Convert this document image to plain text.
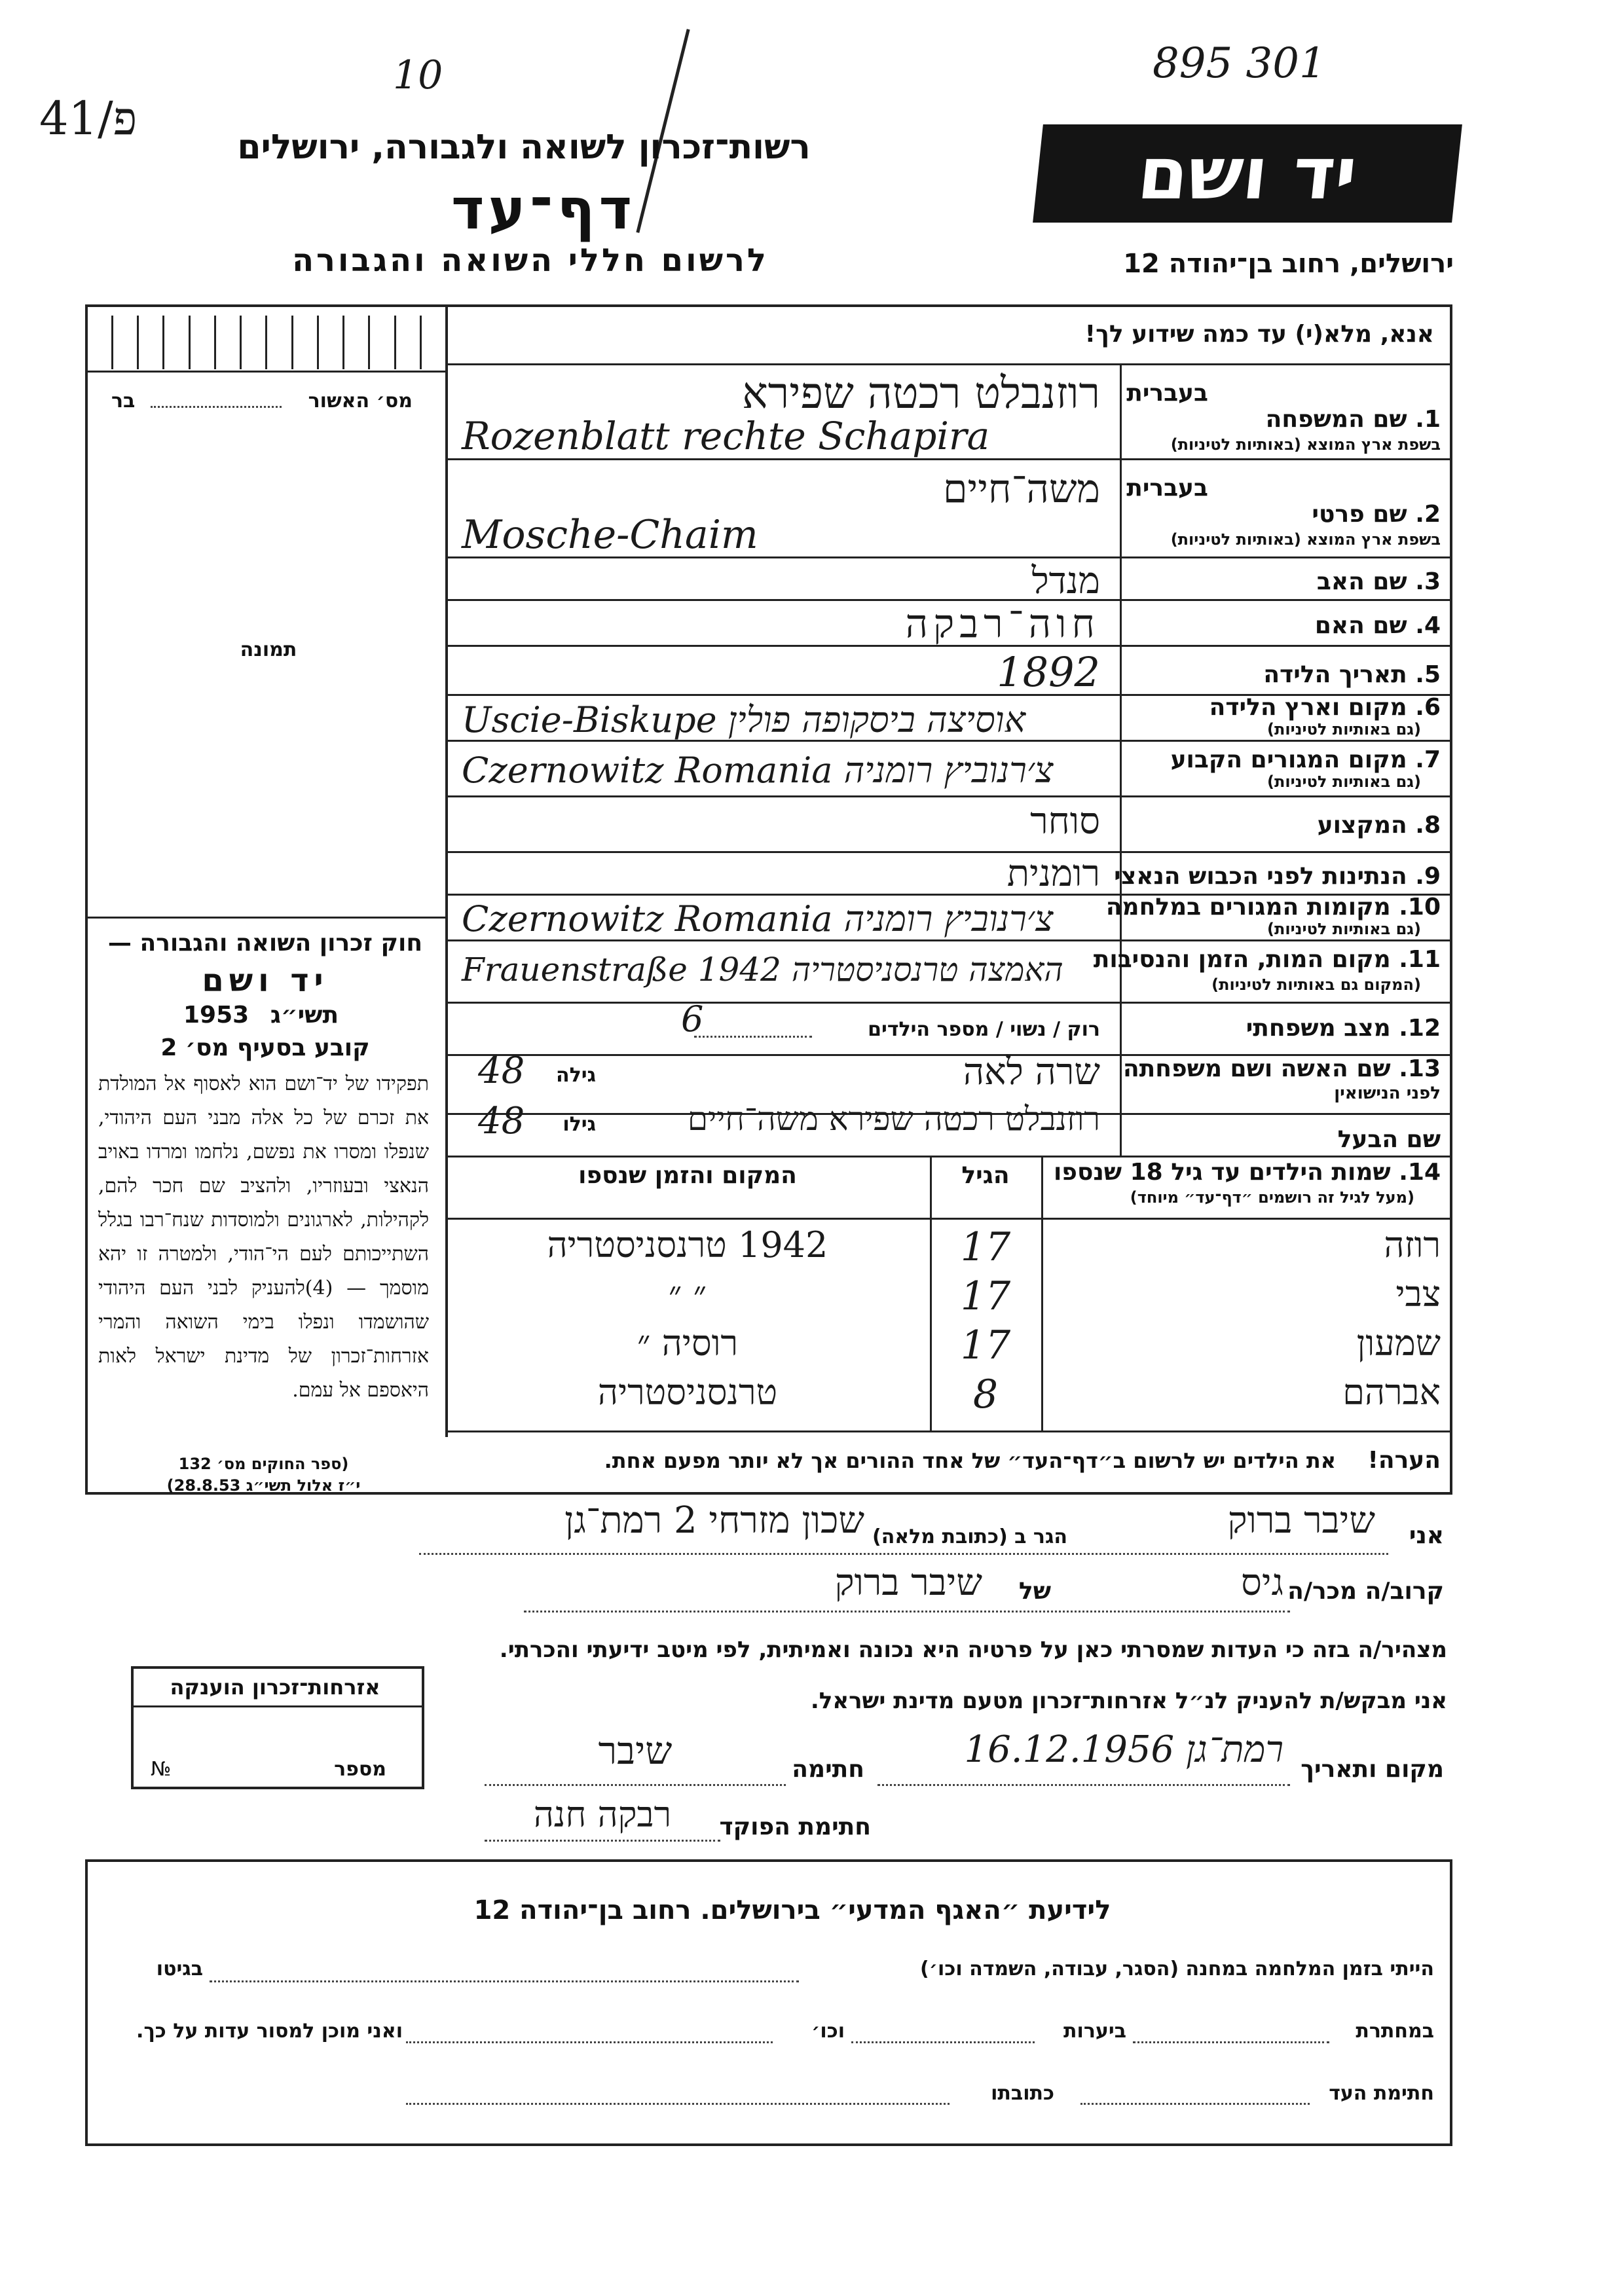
895 301
10
פ/41
רשות־זכרון לשואה ולגבורה, ירושלים
דף־עד
לרשום חללי השואה והגבורה
יד ושם
ירושלים, רחוב בן־יהודה 12
אנא, מלא(י) עד כמה שידוע לך!
מס׳ האשור
בר
תמונה
בעברית
1. שם המשפחה
בשפת ארץ המוצא (באותיות לטיניות)
רוזנבלט רכטה שפירא
Rozenblatt rechte Schapira
בעברית
2. שם פרטי
בשפת ארץ המוצא (באותיות לטיניות)
משה־חיים
Mosche-Chaim
3. שם האב
מנדל
4. שם האם
חוה־רבקה
5. תאריך הלידה
1892
6. מקום וארץ הלידה
(גם באותיות לטיניות)
Uscie-Biskupe אוסיצה ביסקופה פולין
7. מקום המגורים הקבוע
(גם באותיות לטיניות)
Czernowitz Romania צ׳רנוביץ רומניה
8. המקצוע
סוחר
9. הנתינות לפני הכבוש הנאצי
רומנית
10. מקומות המגורים במלחמה
(גם באותיות לטיניות)
Czernowitz Romania צ׳רנוביץ רומניה
11. מקום המות, הזמן והנסיבות
(המקום גם באותיות לטיניות)
Frauenstraße 1942 האמצה טרנסניסטריה
12. מצב משפחתי
רוק / נשוי / מספר הילדים
6
13. שם האשה ושם משפחתה
לפני הנישואין
שרה לאה
גילה
48
שם הבעל
רוזנבלט רכטה שפירא משה־חיים
גילו
48
14. שמות הילדים עד גיל 18 שנספו
(מעל לגיל זה רושמים ״דף־עד״ מיוחד)
הגיל
המקום והזמן שנספו
רוזה
17
1942 טרנסניסטריה
צבי
17
״ ״
שמעון
17
רוסיה ״
אברהם
8
טרנסניסטריה
הערה!
את הילדים יש לרשום ב״דף־העד״ של אחד ההורים אך לא יותר מפעם אחת.
חוק זכרון השואה והגבורה —
יד ושם
תשי״ג
1953
קובע בסעיף מס׳ 2
תפקידו של יד־ושם הוא לאסוף אל המולדת את זכרם של כל אלה מבני העם היהודי, שנפלו ומסרו את נפשם, נלחמו ומרדו באויב הנאצי ובעוזריו, ולהציב שם חכר להם, לקהילות, לארגונים ולמוסדות שנח־רבו בגלל השתייכותם לעם הי־הודי, ולמטרה זו יהא מוסמך — (4)להעניק לבני העם היהודי שהושמדו ונפלו בימי השואה והמרי אזרחות־זכרון של מדינת ישראל לאות היאספם אל עמם.
(ספר החוקים מס׳ 132
י״ז אלול תשי״ג 28.8.53)
אני
שיבר ברוק
הגר ב (כתובת מלאה)
שכון מזרחי 2 רמת־גן
קרוב/ה מכר/ה
גיס
של
שיבר ברוק
מצהיר/ה בזה כי העדות שמסרתי כאן על פרטיה היא נכונה ואמיתית, לפי מיטב ידיעתי והכרתי.
אני מבקש/ת להעניק לנ״ל אזרחות־זכרון מטעם מדינת ישראל.
מקום ותאריך
רמת־גן 16.12.1956
חתימה
שיבר
חתימת הפוקד
רבקה חנה
אזרחות־זכרון הוענקה
מספר
№
לידיעת ״האגף המדעי״ בירושלים. רחוב בן־יהודה 12
הייתי בזמן המלחמה במחנה (הסגר, עבודה, השמדה וכו׳)
בגיטו
במחתרת
ביערות
וכו׳
ואני מוכן למסור עדות על כך.
חתימת העד
כתובתו
